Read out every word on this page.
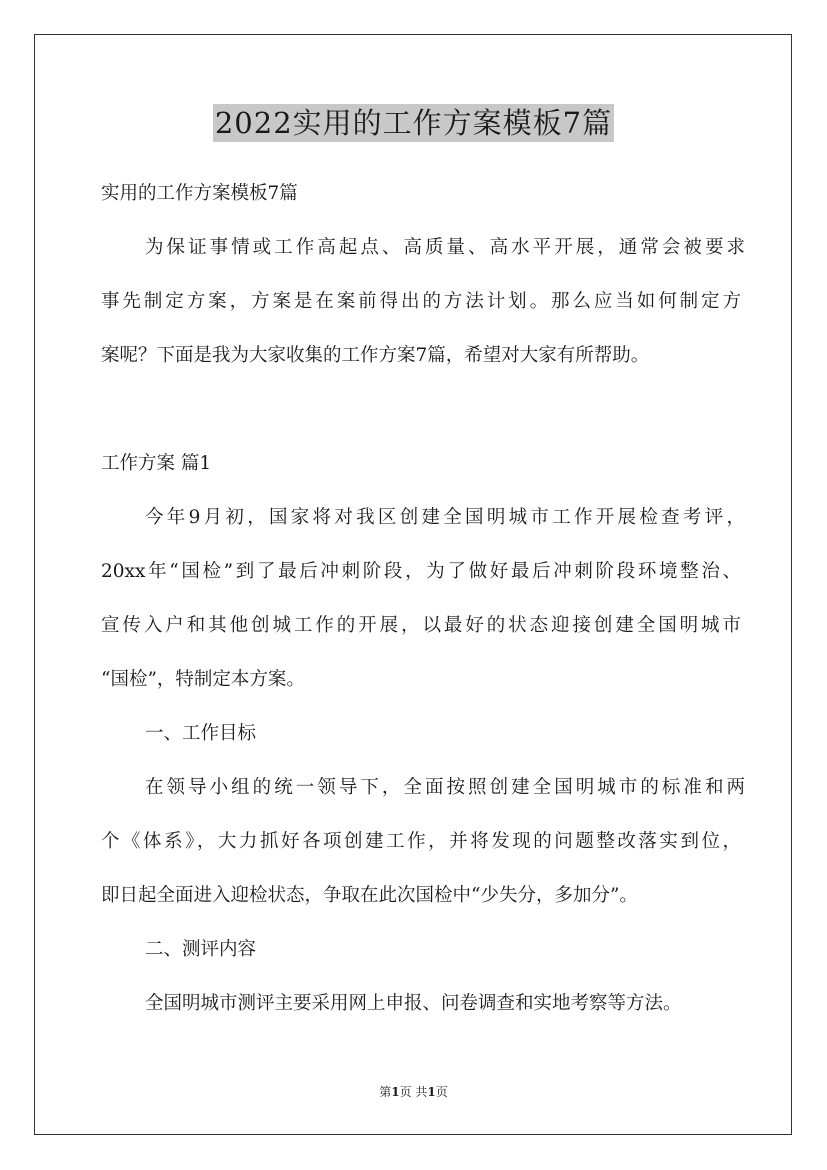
2022实用的工作方案模板7篇

实用的工作方案模板7篇

为保证事情或工作高起点、高质量、高水平开展，通常会被要求

事先制定方案，方案是在案前得出的方法计划。那么应当如何制定方

案呢？下面是我为大家收集的工作方案7篇，希望对大家有所帮助。

工作方案 篇1

今年9月初，国家将对我区创建全国明城市工作开展检查考评，

20xx年“国检”到了最后冲刺阶段，为了做好最后冲刺阶段环境整治、

宣传入户和其他创城工作的开展，以最好的状态迎接创建全国明城市

“国检”，特制定本方案。

一、工作目标

在领导小组的统一领导下，全面按照创建全国明城市的标准和两

个《体系》，大力抓好各项创建工作，并将发现的问题整改落实到位，

即日起全面进入迎检状态，争取在此次国检中“少失分，多加分”。

二、测评内容

全国明城市测评主要采用网上申报、问卷调查和实地考察等方法。

第1页 共1页
